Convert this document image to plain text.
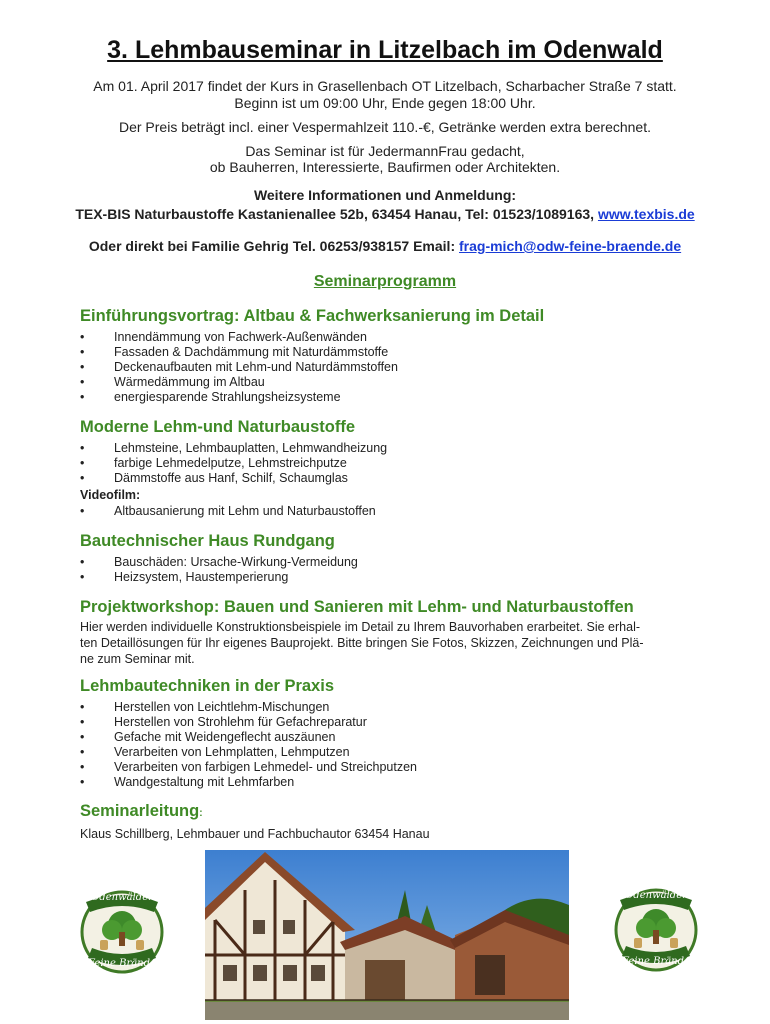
3. Lehmbauseminar in Litzelbach im Odenwald
Am 01. April 2017 findet der Kurs in Grasellenbach OT Litzelbach, Scharbacher Straße 7 statt.
Beginn ist um 09:00 Uhr, Ende gegen 18:00 Uhr.
Der Preis beträgt incl. einer Vespermahlzeit 110.-€, Getränke werden extra berechnet.
Das Seminar ist für JedermannFrau gedacht,
ob Bauherren, Interessierte, Baufirmen oder Architekten.
Weitere Informationen und Anmeldung:
TEX-BIS Naturbaustoffe Kastanienallee 52b, 63454 Hanau, Tel: 01523/1089163, www.texbis.de
Oder direkt bei Familie Gehrig Tel. 06253/938157 Email: frag-mich@odw-feine-braende.de
Seminarprogramm
Einführungsvortrag: Altbau & Fachwerksanierung im Detail
• Innendämmung von Fachwerk-Außenwänden
• Fassaden & Dachdämmung mit Naturdämmstoffe
• Deckenaufbauten mit Lehm-und Naturdämmstoffen
• Wärmedämmung im Altbau
• energiesparende Strahlungsheizsysteme
Moderne Lehm-und Naturbaustoffe
• Lehmsteine, Lehmbauplatten, Lehmwandheizung
• farbige Lehmedelputze, Lehmstreichputze
• Dämmstoffe aus Hanf, Schilf, Schaumglas
Videofilm:
• Altbausanierung mit Lehm und Naturbaustoffen
Bautechnischer Haus Rundgang
• Bauschäden: Ursache-Wirkung-Vermeidung
• Heizsystem, Haustemperierung
Projektworkshop: Bauen und Sanieren mit Lehm- und Naturbaustoffen
Hier werden individuelle Konstruktionsbeispiele im Detail zu Ihrem Bauvorhaben erarbeitet. Sie erhal-
ten Detaillösungen für Ihr eigenes Bauprojekt. Bitte bringen Sie Fotos, Skizzen, Zeichnungen und Plä-
ne zum Seminar mit.
Lehmbautechniken in der Praxis
• Herstellen von Leichtlehm-Mischungen
• Herstellen von Strohlehm für Gefachreparatur
• Gefache mit Weidengeflecht auszäunen
• Verarbeiten von Lehmplatten, Lehmputzen
• Verarbeiten von farbigen Lehmedel- und Streichputzen
• Wandgestaltung mit Lehmfarben
Seminarleitung:
Klaus Schillberg, Lehmbauer und Fachbuchautor 63454 Hanau
Odenwälder
Feine Brände
Odenwälder
Feine Brände
